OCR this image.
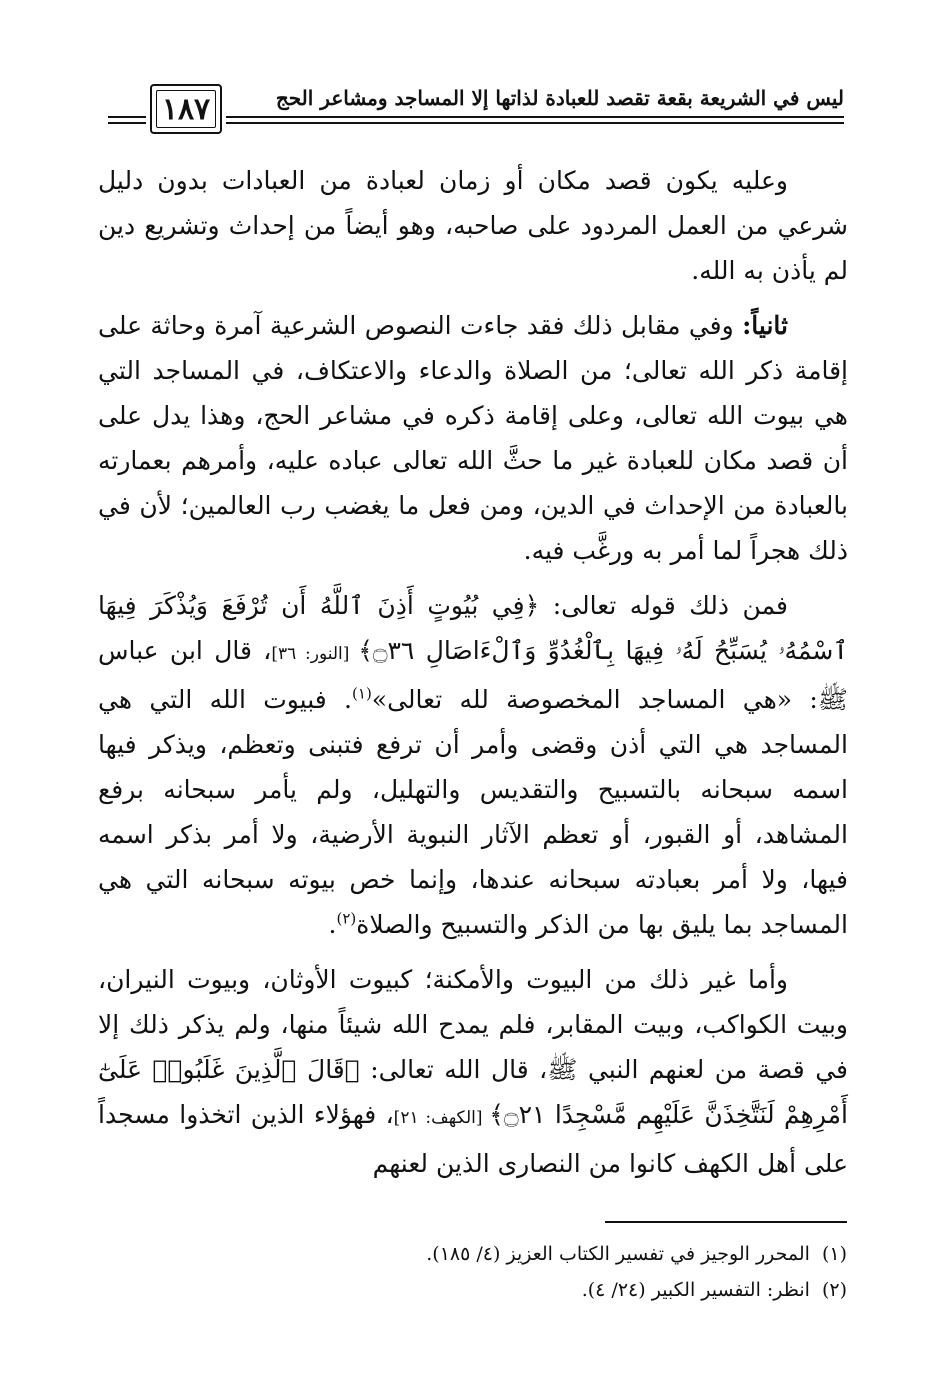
ليس في الشريعة بقعة تقصد للعبادة لذاتها إلا المساجد ومشاعر الحج
١٨٧

وعليه يكون قصد مكان أو زمان لعبادة من العبادات بدون دليل شرعي من العمل المردود على صاحبه، وهو أيضاً من إحداث وتشريع دين لم يأذن به الله.

ثانياً: وفي مقابل ذلك فقد جاءت النصوص الشرعية آمرة وحاثة على إقامة ذكر الله تعالى؛ من الصلاة والدعاء والاعتكاف، في المساجد التي هي بيوت الله تعالى، وعلى إقامة ذكره في مشاعر الحج، وهذا يدل على أن قصد مكان للعبادة غير ما حثَّ الله تعالى عباده عليه، وأمرهم بعمارته بالعبادة من الإحداث في الدين، ومن فعل ما يغضب رب العالمين؛ لأن في ذلك هجراً لما أمر به ورغَّب فيه.

فمن ذلك قوله تعالى: ﴿فِي بُيُوتٍ أَذِنَ ٱللَّهُ أَن تُرْفَعَ وَيُذْكَرَ فِيهَا ٱسْمُهُۥ يُسَبِّحُ لَهُۥ فِيهَا بِٱلْغُدُوِّ وَٱلْءَاصَالِ ۝٣٦﴾ [النور: ٣٦]، قال ابن عباس ﷺ: «هي المساجد المخصوصة لله تعالى»$^{(١)}$. فبيوت الله التي هي المساجد هي التي أذن وقضى وأمر أن ترفع فتبنى وتعظم، ويذكر فيها اسمه سبحانه بالتسبيح والتقديس والتهليل، ولم يأمر سبحانه برفع المشاهد، أو القبور، أو تعظم الآثار النبوية الأرضية، ولا أمر بذكر اسمه فيها، ولا أمر بعبادته سبحانه عندها، وإنما خص بيوته سبحانه التي هي المساجد بما يليق بها من الذكر والتسبيح والصلاة$^{(٢)}$.

وأما غير ذلك من البيوت والأمكنة؛ كبيوت الأوثان، وبيوت النيران، وبيت الكواكب، وبيت المقابر، فلم يمدح الله شيئاً منها، ولم يذكر ذلك إلا في قصة من لعنهم النبي ﷺ، قال الله تعالى: ﴿قَالَ ٱلَّذِينَ غَلَبُوا۟ عَلَىٰٓ أَمْرِهِمْ لَنَتَّخِذَنَّ عَلَيْهِم مَّسْجِدًا ۝٢١﴾ [الكهف: ٢١]، فهؤلاء الذين اتخذوا مسجداً على أهل الكهف كانوا من النصارى الذين لعنهم

(١)
المحرر الوجيز في تفسير الكتاب العزيز (٤/ ١٨٥).
(٢)
انظر: التفسير الكبير (٢٤/ ٤).
